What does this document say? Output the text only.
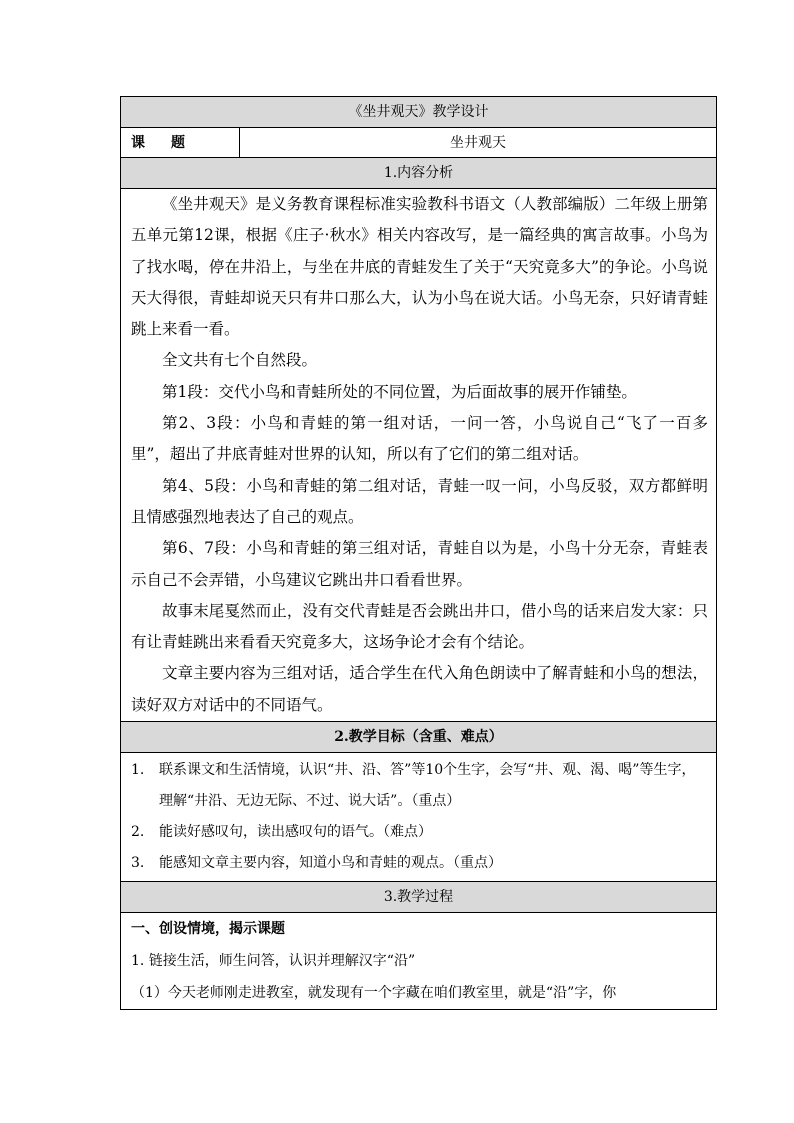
《坐井观天》教学设计
课 题	坐井观天
1.内容分析

《坐井观天》是义务教育课程标准实验教科书语文（人教部编版）二年级上册第五单元第12课，根据《庄子·秋水》相关内容改写，是一篇经典的寓言故事。小鸟为了找水喝，停在井沿上，与坐在井底的青蛙发生了关于“天究竟多大”的争论。小鸟说天大得很，青蛙却说天只有井口那么大，认为小鸟在说大话。小鸟无奈，只好请青蛙跳上来看一看。

全文共有七个自然段。

第1段：交代小鸟和青蛙所处的不同位置，为后面故事的展开作铺垫。

第2、3段：小鸟和青蛙的第一组对话，一问一答，小鸟说自己“飞了一百多里”，超出了井底青蛙对世界的认知，所以有了它们的第二组对话。

第4、5段：小鸟和青蛙的第二组对话，青蛙一叹一问，小鸟反驳，双方都鲜明且情感强烈地表达了自己的观点。

第6、7段：小鸟和青蛙的第三组对话，青蛙自以为是，小鸟十分无奈，青蛙表示自己不会弄错，小鸟建议它跳出井口看看世界。

故事末尾戛然而止，没有交代青蛙是否会跳出井口，借小鸟的话来启发大家：只有让青蛙跳出来看看天究竟多大，这场争论才会有个结论。

文章主要内容为三组对话，适合学生在代入角色朗读中了解青蛙和小鸟的想法，读好双方对话中的不同语气。

2.教学目标（含重、难点）
1.	联系课文和生活情境，认识“井、沿、答”等10个生字，会写“井、观、渴、喝”等生字，理解“井沿、无边无际、不过、说大话”。（重点）
2.	能读好感叹句，读出感叹句的语气。（难点）
3.	能感知文章主要内容，知道小鸟和青蛙的观点。（重点）
3.教学过程
一、创设情境，揭示课题
1. 链接生活，师生问答，认识并理解汉字“沿”
（1）今天老师刚走进教室，就发现有一个字藏在咱们教室里，就是“沿”字，你
